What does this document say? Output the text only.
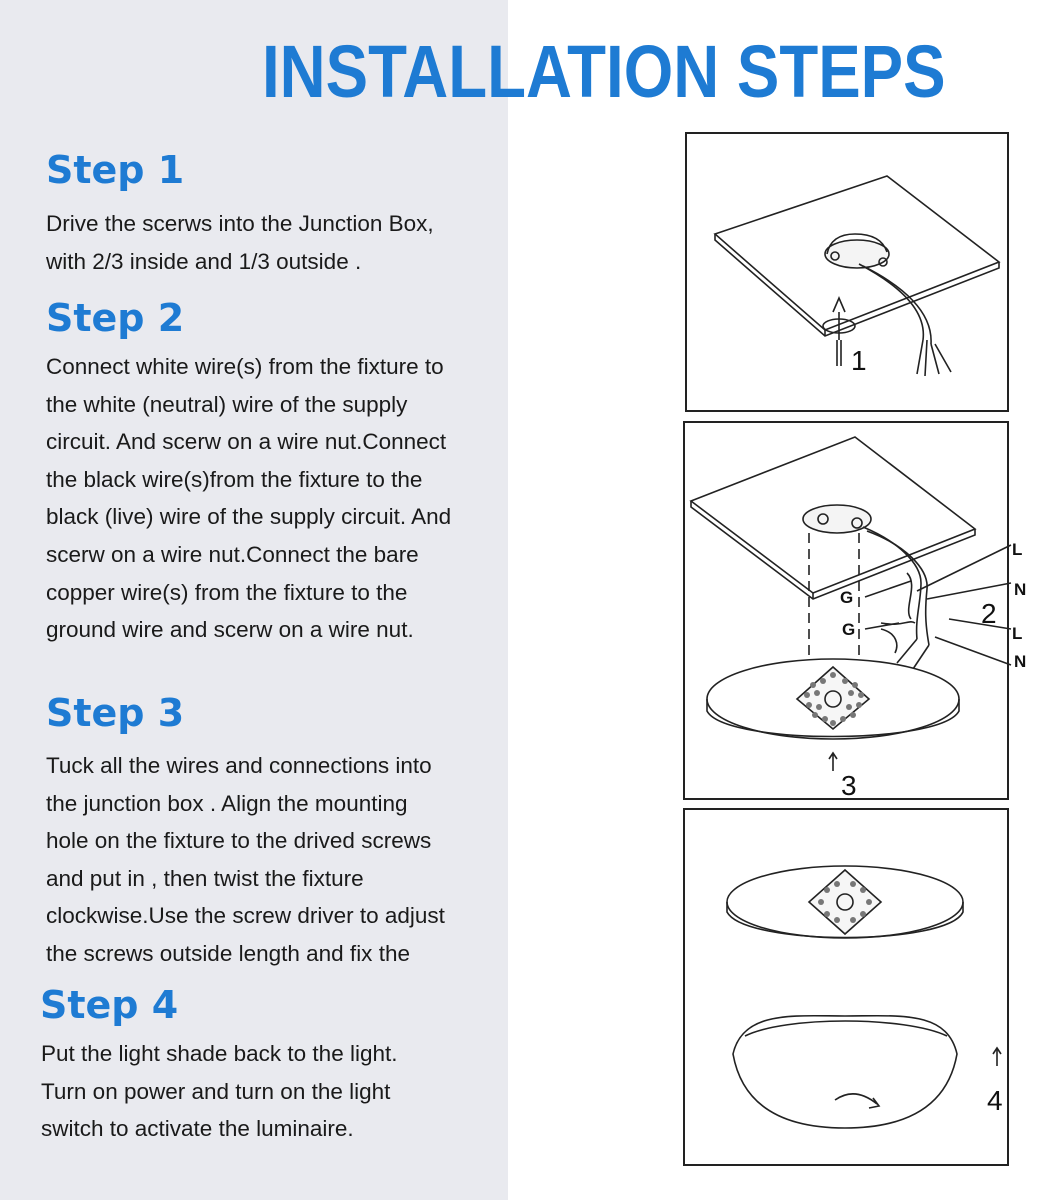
INSTALLATION STEPS
Step 1
Drive the scerws into the Junction Box,
with 2/3 inside and 1/3 outside .
Step 2
Connect white wire(s) from the fixture to
the white (neutral) wire of the supply
circuit. And scerw on a wire nut.Connect
the black wire(s)from the fixture to the
black (live) wire of the supply circuit. And
scerw on a wire nut.Connect the bare
copper wire(s) from the fixture to the
ground wire and scerw on a wire nut.
Step 3
Tuck all the wires and connections into
the junction box . Align the mounting
hole on the fixture to the drived screws
and put in , then twist the fixture
clockwise.Use the screw driver to adjust
the screws outside length and fix the
Step 4
Put the light shade back to the light.
Turn on power and turn on the light
switch to activate the luminaire.
1
G
G
L
N
L
N
2
3
4
